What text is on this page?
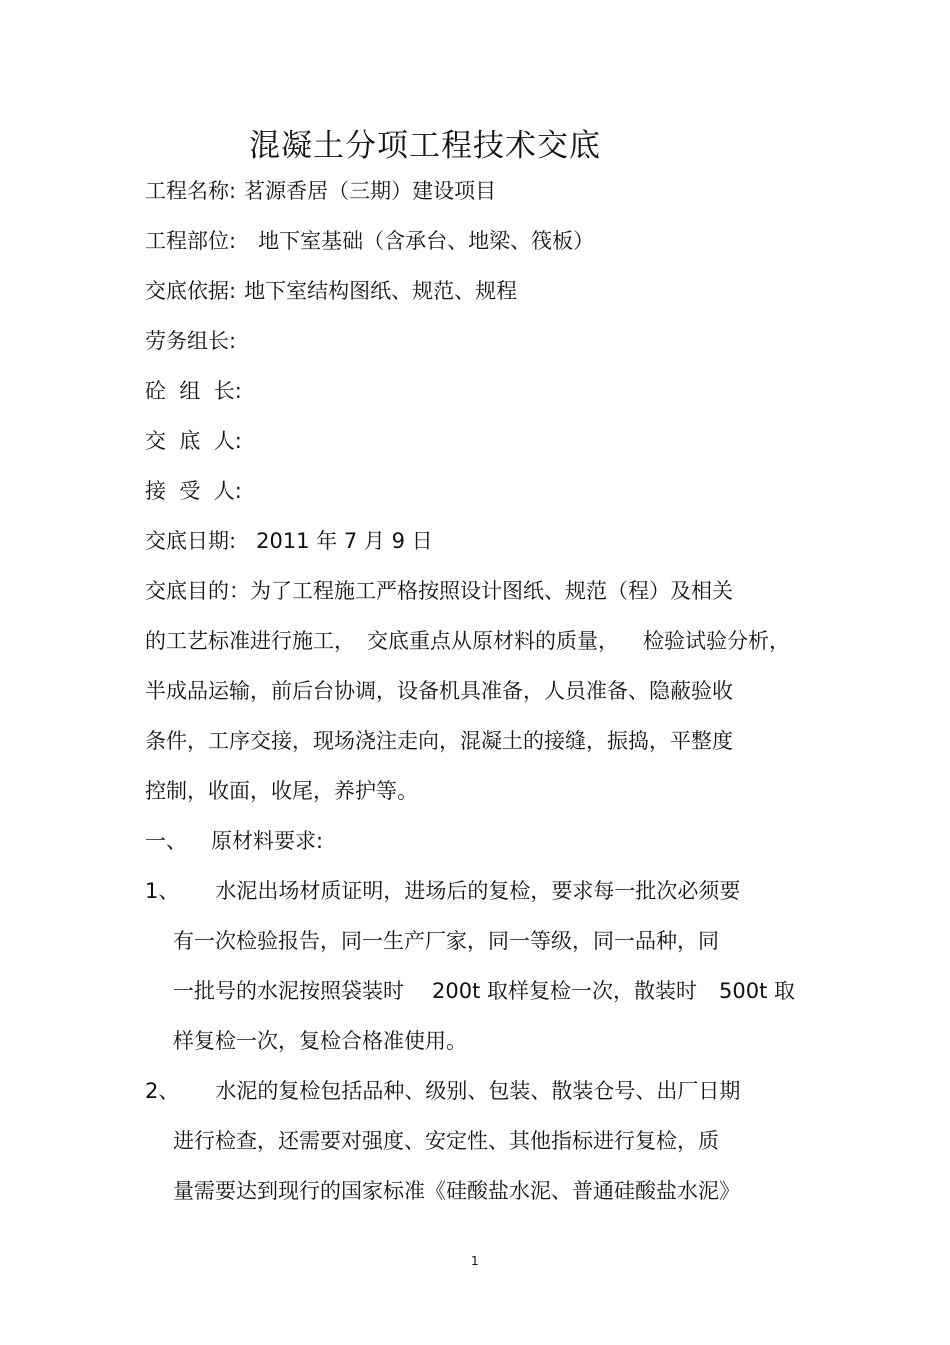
混凝土分项工程技术交底
工程名称: 茗源香居（三期）建设项目
工程部位: 地下室基础（含承台、地梁、筏板）
交底依据: 地下室结构图纸、规范、规程
劳务组长:
砼  组  长:
交  底  人:
接  受  人:
交底日期: 2011 年 7 月 9 日
交底目的：为了工程施工严格按照设计图纸、规范（程）及相关
的工艺标准进行施工， 交底重点从原材料的质量， 检验试验分析，
半成品运输，前后台协调，设备机具准备，人员准备、隐蔽验收
条件，工序交接，现场浇注走向，混凝土的接缝，振捣，平整度
控制，收面，收尾，养护等。
一、 原材料要求:
1、 水泥出场材质证明，进场后的复检，要求每一批次必须要
有一次检验报告，同一生产厂家，同一等级，同一品种，同
一批号的水泥按照袋装时 200t 取样复检一次，散装时 500t 取
样复检一次，复检合格准使用。
2、 水泥的复检包括品种、级别、包装、散装仓号、出厂日期
进行检查，还需要对强度、安定性、其他指标进行复检，质
量需要达到现行的国家标准《硅酸盐水泥、普通硅酸盐水泥》
1
